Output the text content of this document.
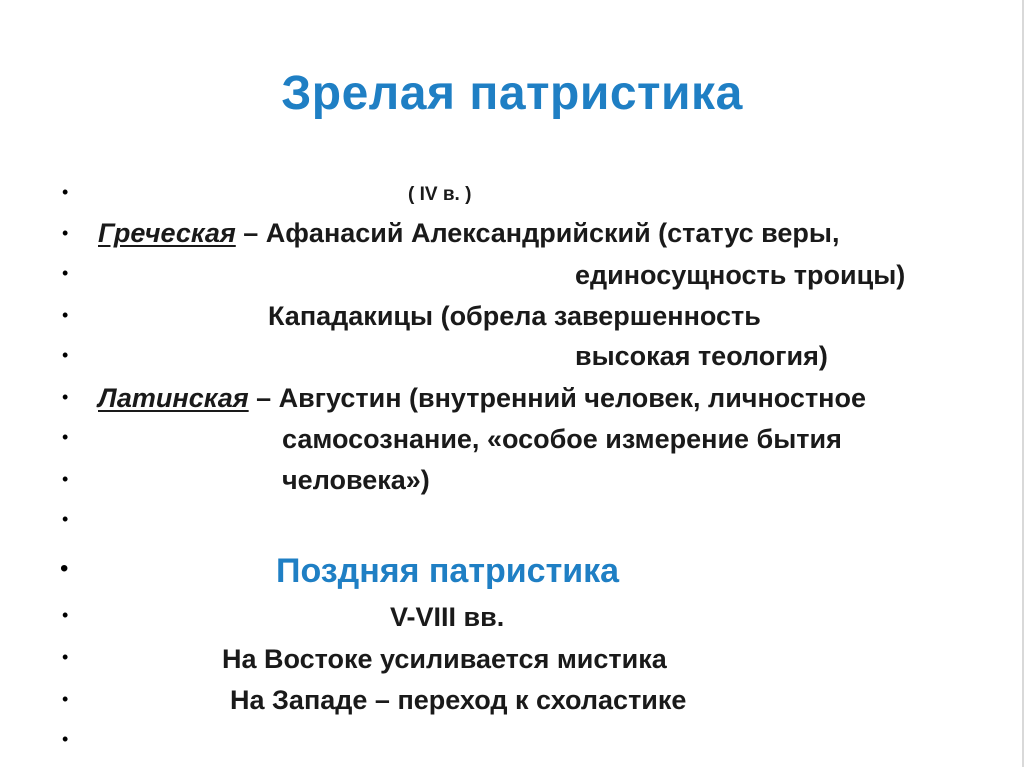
Зрелая патристика
•
•
•
•
•
•
•
•
•
•
•
•
•
•
( IV в. )
Греческая – Афанасий Александрийский (статус веры,
единосущность троицы)
Кападакицы (обрела завершенность
высокая теология)
Латинская – Августин (внутренний человек, личностное
самосознание, «особое измерение бытия
человека»)
Поздняя патристика
V-VIII вв.
На Востоке усиливается мистика
На Западе – переход к схоластике
